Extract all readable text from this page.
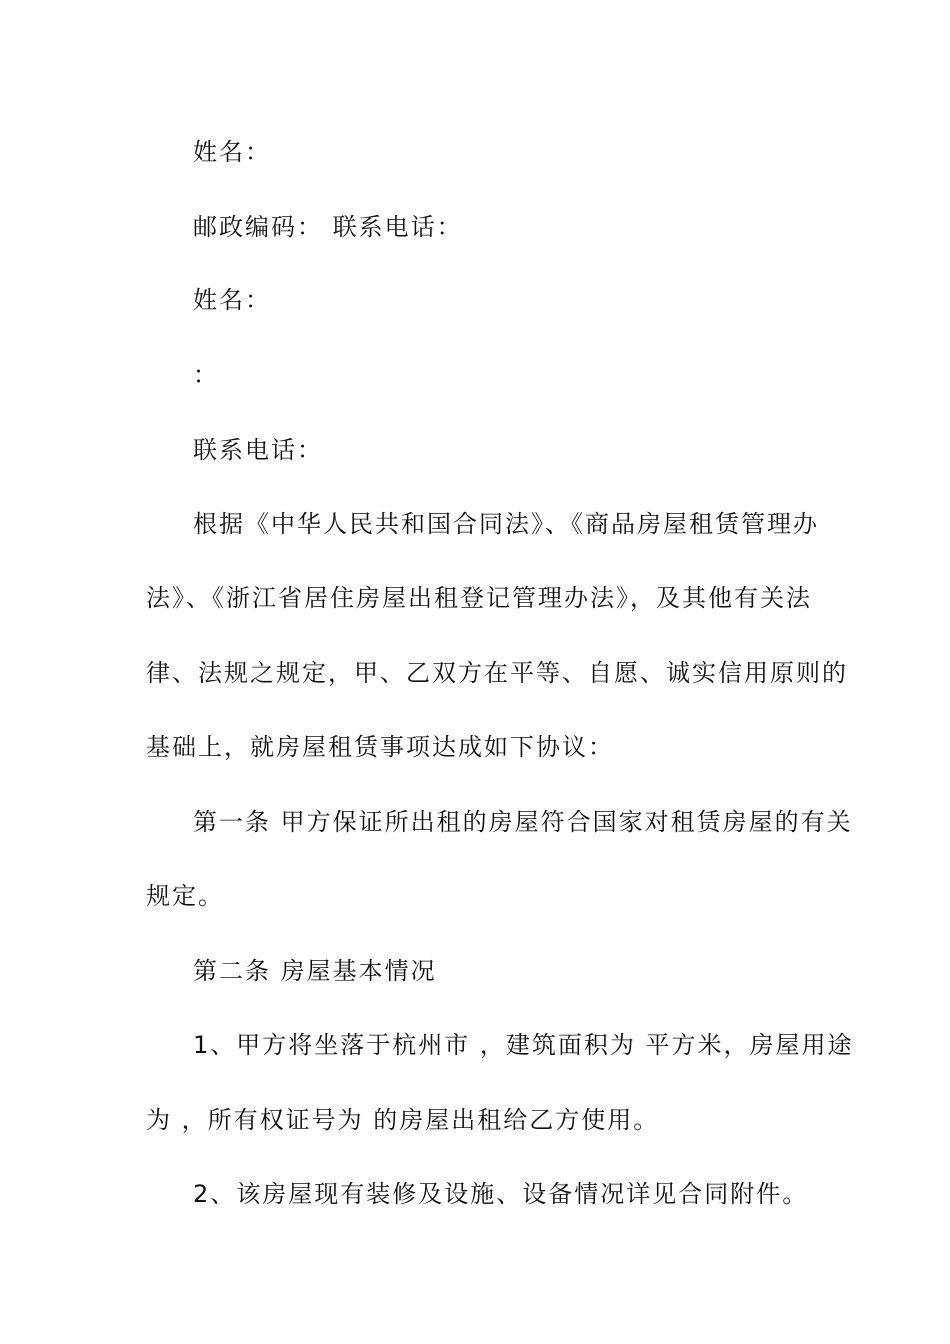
姓名：
邮政编码： 联系电话：
姓名：
：
联系电话：
根据《中华人民共和国合同法》、《商品房屋租赁管理办
法》、《浙江省居住房屋出租登记管理办法》，及其他有关法
律、法规之规定，甲、乙双方在平等、自愿、诚实信用原则的
基础上，就房屋租赁事项达成如下协议：
第一条 甲方保证所出租的房屋符合国家对租赁房屋的有关
规定。
第二条 房屋基本情况
1、甲方将坐落于杭州市 ，建筑面积为 平方米，房屋用途
为 ，所有权证号为 的房屋出租给乙方使用。
2、该房屋现有装修及设施、设备情况详见合同附件。
